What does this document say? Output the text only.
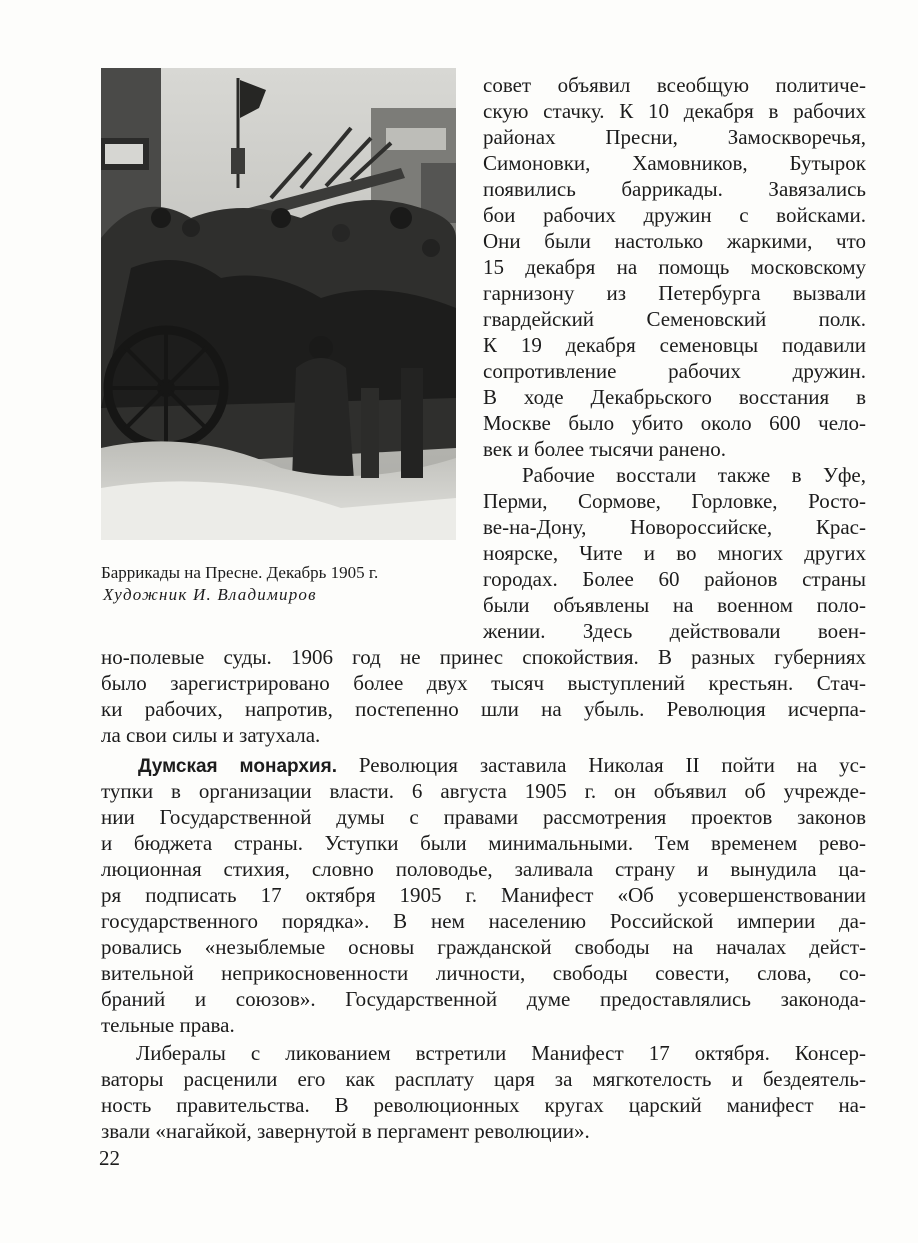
Баррикады на Пресне. Декабрь 1905 г.
Художник И. Владимиров
совет объявил всеобщую политиче-
скую стачку. К 10 декабря в рабочих
районах Пресни, Замоскворечья,
Симоновки, Хамовников, Бутырок
появились баррикады. Завязались
бои рабочих дружин с войсками.
Они были настолько жаркими, что
15 декабря на помощь московскому
гарнизону из Петербурга вызвали
гвардейский Семеновский полк.
К 19 декабря семеновцы подавили
сопротивление рабочих дружин.
В ходе Декабрьского восстания в
Москве было убито около 600 чело-
век и более тысячи ранено.
Рабочие восстали также в Уфе,
Перми, Сормове, Горловке, Росто-
ве-на-Дону, Новороссийске, Крас-
ноярске, Чите и во многих других
городах. Более 60 районов страны
были объявлены на военном поло-
жении. Здесь действовали воен-
но-полевые суды. 1906 год не принес спокойствия. В разных губерниях
было зарегистрировано более двух тысяч выступлений крестьян. Стач-
ки рабочих, напротив, постепенно шли на убыль. Революция исчерпа-
ла свои силы и затухала.
Думская монархия. Революция заставила Николая II пойти на ус-
тупки в организации власти. 6 августа 1905 г. он объявил об учрежде-
нии Государственной думы с правами рассмотрения проектов законов
и бюджета страны. Уступки были минимальными. Тем временем рево-
люционная стихия, словно половодье, заливала страну и вынудила ца-
ря подписать 17 октября 1905 г. Манифест «Об усовершенствовании
государственного порядка». В нем населению Российской империи да-
ровались «незыблемые основы гражданской свободы на началах дейст-
вительной неприкосновенности личности, свободы совести, слова, со-
браний и союзов». Государственной думе предоставлялись законода-
тельные права.
Либералы с ликованием встретили Манифест 17 октября. Консер-
ваторы расценили его как расплату царя за мягкотелость и бездеятель-
ность правительства. В революционных кругах царский манифест на-
звали «нагайкой, завернутой в пергамент революции».
22
